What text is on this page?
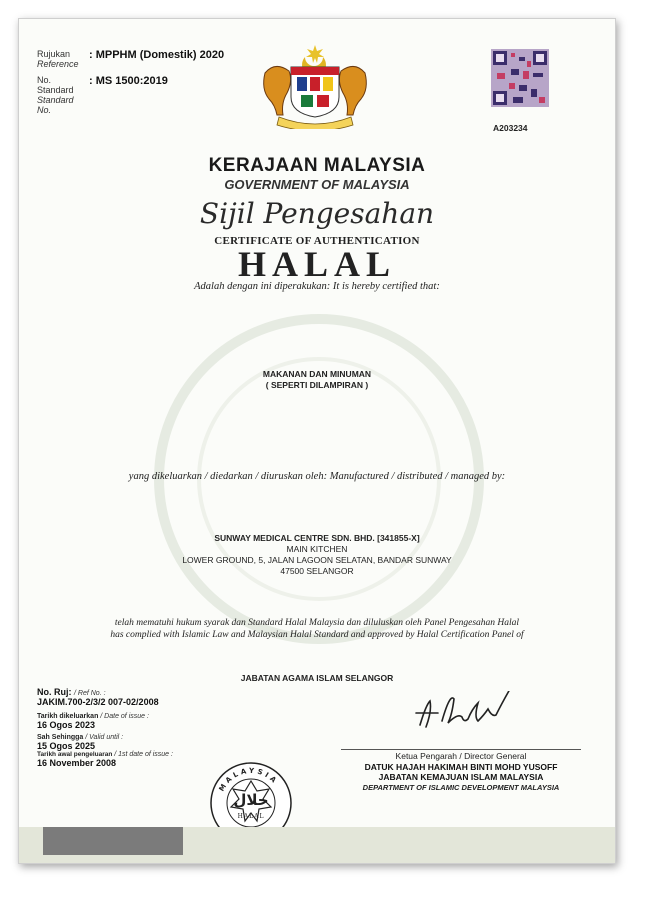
Rujukan
Reference
: MPPHM (Domestik) 2020
No. Standard
Standard No.
: MS 1500:2019
A203234
KERAJAAN MALAYSIA
GOVERNMENT OF MALAYSIA
Sijil Pengesahan
CERTIFICATE OF AUTHENTICATION
HALAL
Adalah dengan ini diperakukan: It is hereby certified that:
MAKANAN DAN MINUMAN
( SEPERTI DILAMPIRAN )
yang dikeluarkan / diedarkan / diuruskan oleh: Manufactured / distributed / managed by:
SUNWAY MEDICAL CENTRE SDN. BHD. [341855-X]
MAIN KITCHEN
LOWER GROUND, 5, JALAN LAGOON SELATAN, BANDAR SUNWAY
47500 SELANGOR
telah mematuhi hukum syarak dan Standard Halal Malaysia dan diluluskan oleh Panel Pengesahan Halal
has complied with Islamic Law and Malaysian Halal Standard and approved by Halal Certification Panel of
JABATAN AGAMA ISLAM SELANGOR
No. Ruj: / Ref No. :
JAKIM.700-2/3/2 007-02/2008
Tarikh dikeluarkan / Date of issue :
16 Ogos 2023
Sah Sehingga / Valid until :
15 Ogos 2025
Tarikh awal pengeluaran / 1st date of issue :
16 November 2008
Ketua Pengarah / Director General
DATUK HAJAH HAKIMAH BINTI MOHD YUSOFF
JABATAN KEMAJUAN ISLAM MALAYSIA
DEPARTMENT OF ISLAMIC DEVELOPMENT MALAYSIA
MALAYSIA
حلال
HALAL
